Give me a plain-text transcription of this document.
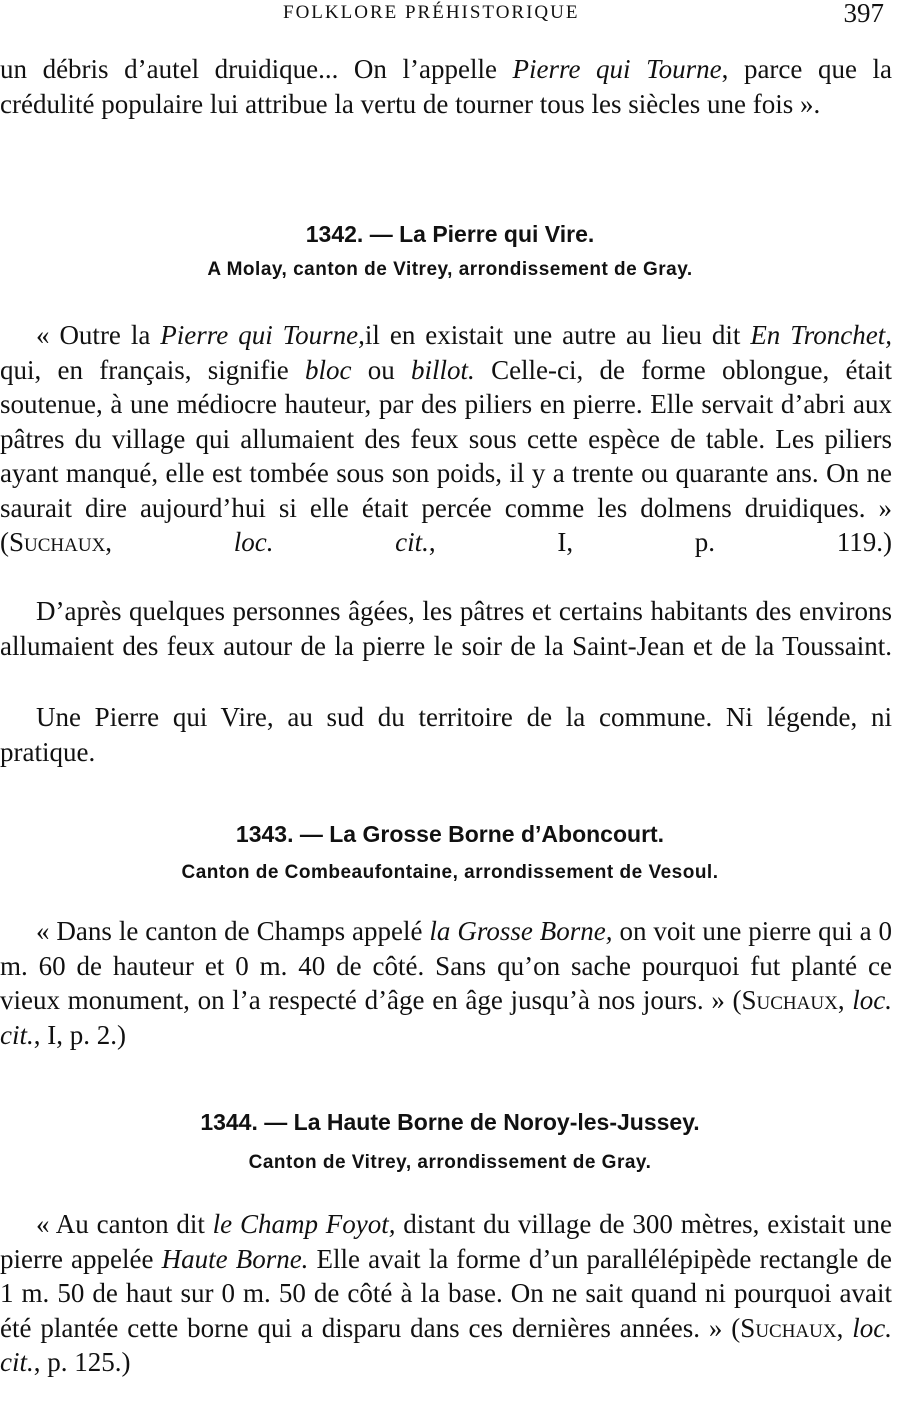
FOLKLORE PRÉHISTORIQUE	397

un débris d’autel druidique... On l’appelle Pierre qui Tourne, parce que la crédulité populaire lui attribue la vertu de tourner tous les siècles une fois ».

1342. — La Pierre qui Vire.
A Molay, canton de Vitrey, arrondissement de Gray.

« Outre la Pierre qui Tourne,il en existait une autre au lieu dit En Tronchet, qui, en français, signifie bloc ou billot. Celle-ci, de forme oblongue, était soutenue, à une médiocre hauteur, par des piliers en pierre. Elle servait d’abri aux pâtres du village qui allumaient des feux sous cette espèce de table. Les piliers ayant manqué, elle est tombée sous son poids, il y a trente ou quarante ans. On ne saurait dire aujourd’hui si elle était percée comme les dolmens druidiques. » (Suchaux, loc. cit., I, p. 119.)

D’après quelques personnes âgées, les pâtres et certains habitants des environs allumaient des feux autour de la pierre le soir de la Saint-Jean et de la Toussaint.

Une Pierre qui Vire, au sud du territoire de la commune. Ni légende, ni pratique.

1343. — La Grosse Borne d’Aboncourt.
Canton de Combeaufontaine, arrondissement de Vesoul.

« Dans le canton de Champs appelé la Grosse Borne, on voit une pierre qui a 0 m. 60 de hauteur et 0 m. 40 de côté. Sans qu’on sache pourquoi fut planté ce vieux monument, on l’a respecté d’âge en âge jusqu’à nos jours. » (Suchaux, loc. cit., I, p. 2.)

1344. — La Haute Borne de Noroy-les-Jussey.
Canton de Vitrey, arrondissement de Gray.

« Au canton dit le Champ Foyot, distant du village de 300 mètres, existait une pierre appelée Haute Borne. Elle avait la forme d’un parallélépipède rectangle de 1 m. 50 de haut sur 0 m. 50 de côté à la base. On ne sait quand ni pourquoi avait été plantée cette borne qui a disparu dans ces dernières années. » (Suchaux, loc. cit., p. 125.)
